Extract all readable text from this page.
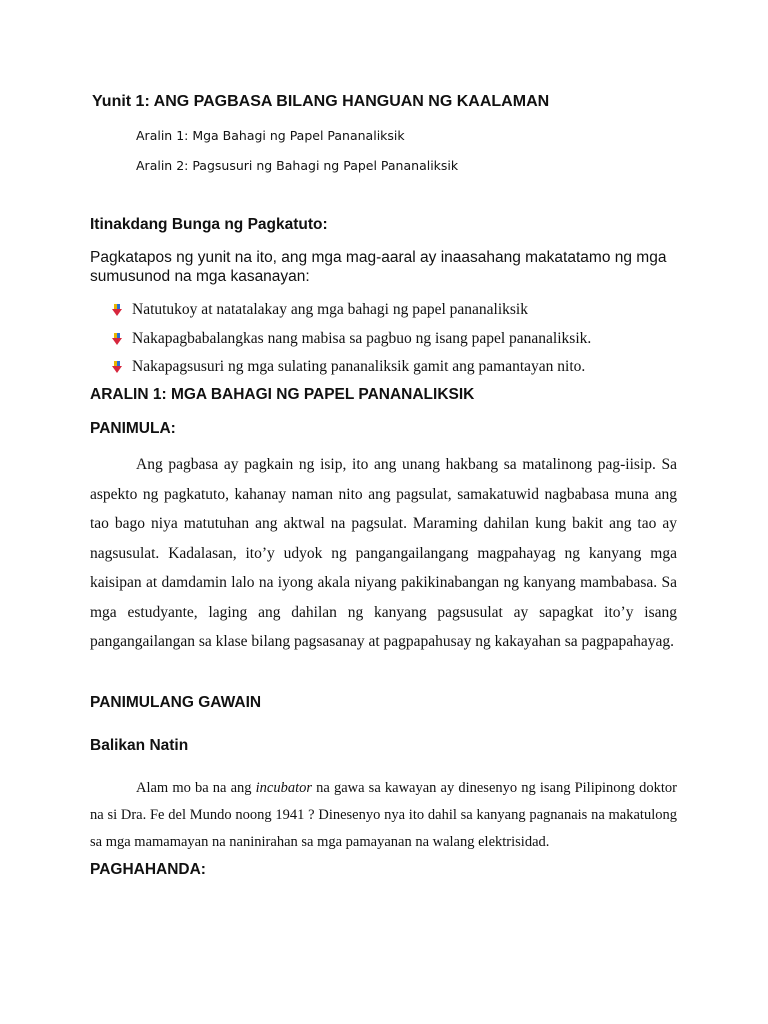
Yunit 1: ANG PAGBASA BILANG HANGUAN NG KAALAMAN
Aralin 1: Mga Bahagi ng Papel Pananaliksik
Aralin 2: Pagsusuri ng Bahagi ng Papel Pananaliksik
Itinakdang Bunga ng Pagkatuto:
Pagkatapos ng yunit na ito, ang mga mag-aaral ay inaasahang makatatamo ng mga sumusunod na mga kasanayan:
Natutukoy at natatalakay ang mga bahagi ng papel pananaliksik
Nakapagbabalangkas nang mabisa sa pagbuo ng isang papel pananaliksik.
Nakapagsusuri ng mga sulating pananaliksik gamit ang pamantayan nito.
ARALIN 1: MGA BAHAGI NG PAPEL PANANALIKSIK
PANIMULA:

Ang pagbasa ay pagkain ng isip, ito ang unang hakbang sa matalinong pag-iisip. Sa aspekto ng pagkatuto, kahanay naman nito ang pagsulat, samakatuwid nagbabasa muna ang tao bago niya matutuhan ang aktwal na pagsulat. Maraming dahilan kung bakit ang tao ay nagsusulat. Kadalasan, ito’y udyok ng pangangailangang magpahayag ng kanyang mga kaisipan at damdamin lalo na iyong akala niyang pakikinabangan ng kanyang mambabasa. Sa mga estudyante, laging ang dahilan ng kanyang pagsusulat ay sapagkat ito’y isang pangangailangan sa klase bilang pagsasanay at pagpapahusay ng kakayahan sa pagpapahayag.

PANIMULANG GAWAIN
Balikan Natin

Alam mo ba na ang incubator na gawa sa kawayan ay dinesenyo ng isang Pilipinong doktor na si Dra. Fe del Mundo noong 1941 ? Dinesenyo nya ito dahil sa kanyang pagnanais na makatulong sa mga mamamayan na naninirahan sa mga pamayanan na walang elektrisidad.

PAGHAHANDA:
